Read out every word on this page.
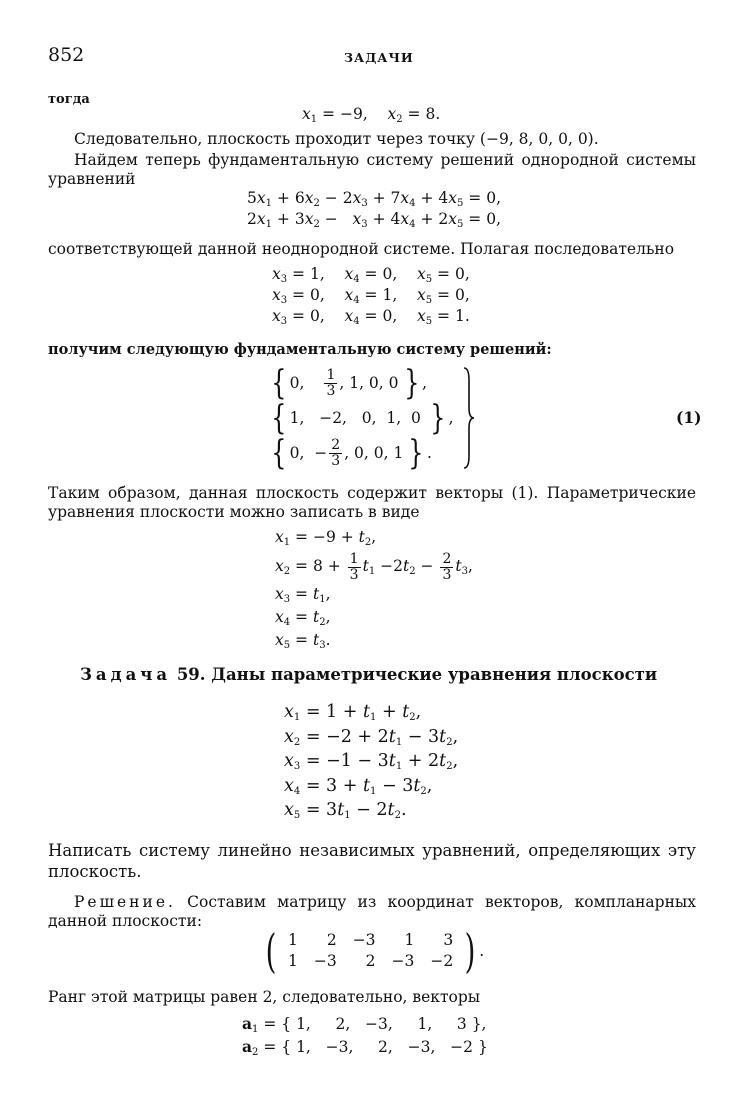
852	ЗАДАЧИ
тогда
$x_1 = -9$,    $x_2 = 8$.
Следовательно, плоскость проходит через точку (−9, 8, 0, 0, 0).
Найдем теперь фундаментальную систему решений однородной системы уравнений
$5x_1 + 6x_2 - 2x_3 + 7x_4 + 4x_5 = 0$,
$2x_1 + 3x_2 - x_3 + 4x_4 + 2x_5 = 0$,
соответствующей данной неоднородной системе. Полагая последовательно
$x_3 = 1$,    $x_4 = 0$,    $x_5 = 0$,
$x_3 = 0$,    $x_4 = 1$,    $x_5 = 0$,
$x_3 = 0$,    $x_4 = 0$,    $x_5 = 1$.
получим следующую фундаментальную систему решений:
{ 0, $\frac{1}{3}$ , 1, 0, 0 } ,
{ 1,   −2,   0,  1,  0 } ,
{ 0,  − $\frac{2}{3}$ , 0, 0, 1 } .
(1)
Таким образом, данная плоскость содержит векторы (1). Параметрические уравнения плоскости можно записать в виде
$x_1 = -9 + t_2$,
$x_2 = 8 + \frac{1}{3} t_1 -2t_2 - \frac{2}{3} t_3$,
$x_3 = t_1$,
$x_4 = t_2$,
$x_5 = t_3$.
Задача 59. Даны параметрические уравнения плоскости
$x_1 = 1 + t_1 + t_2$,
$x_2 = -2 + 2t_1 - 3t_2$,
$x_3 = -1 - 3t_1 + 2t_2$,
$x_4 = 3 + t_1 - 3t_2$,
$x_5 = 3t_1 - 2t_2$.
Написать систему линейно независимых уравнений, определяющих эту плоскость.
Решение. Составим матрицу из координат векторов, компланарных данной плоскости:
( 1	2	−3	1	3
1	−3	2	−3	−2 ) .
Ранг этой матрицы равен 2, следовательно, векторы
$a_1$ = { 1,     2,   −3,     1,     3 },
$a_2$ = { 1,   −3,     2,   −3,   −2 }
